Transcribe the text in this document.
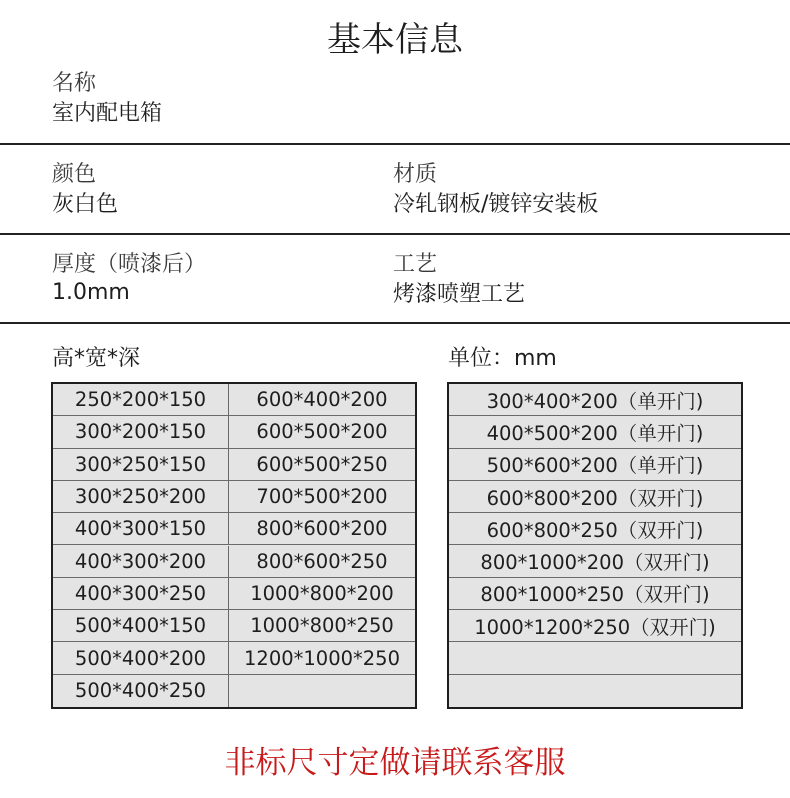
基本信息
名称
室内配电箱
颜色
灰白色
材质
冷轧钢板/镀锌安装板
厚度（喷漆后）
1.0mm
工艺
烤漆喷塑工艺
高*宽*深	单位：mm
250*200*150
300*200*150
300*250*150
300*250*200
400*300*150
400*300*200
400*300*250
500*400*150
500*400*200
500*400*250
600*400*200
600*500*200
600*500*250
700*500*200
800*600*200
800*600*250
1000*800*200
1000*800*250
1200*1000*250
300*400*200（单开门)
400*500*200（单开门)
500*600*200（单开门)
600*800*200（双开门)
600*800*250（双开门)
800*1000*200（双开门)
800*1000*250（双开门)
1000*1200*250（双开门)
非标尺寸定做请联系客服
